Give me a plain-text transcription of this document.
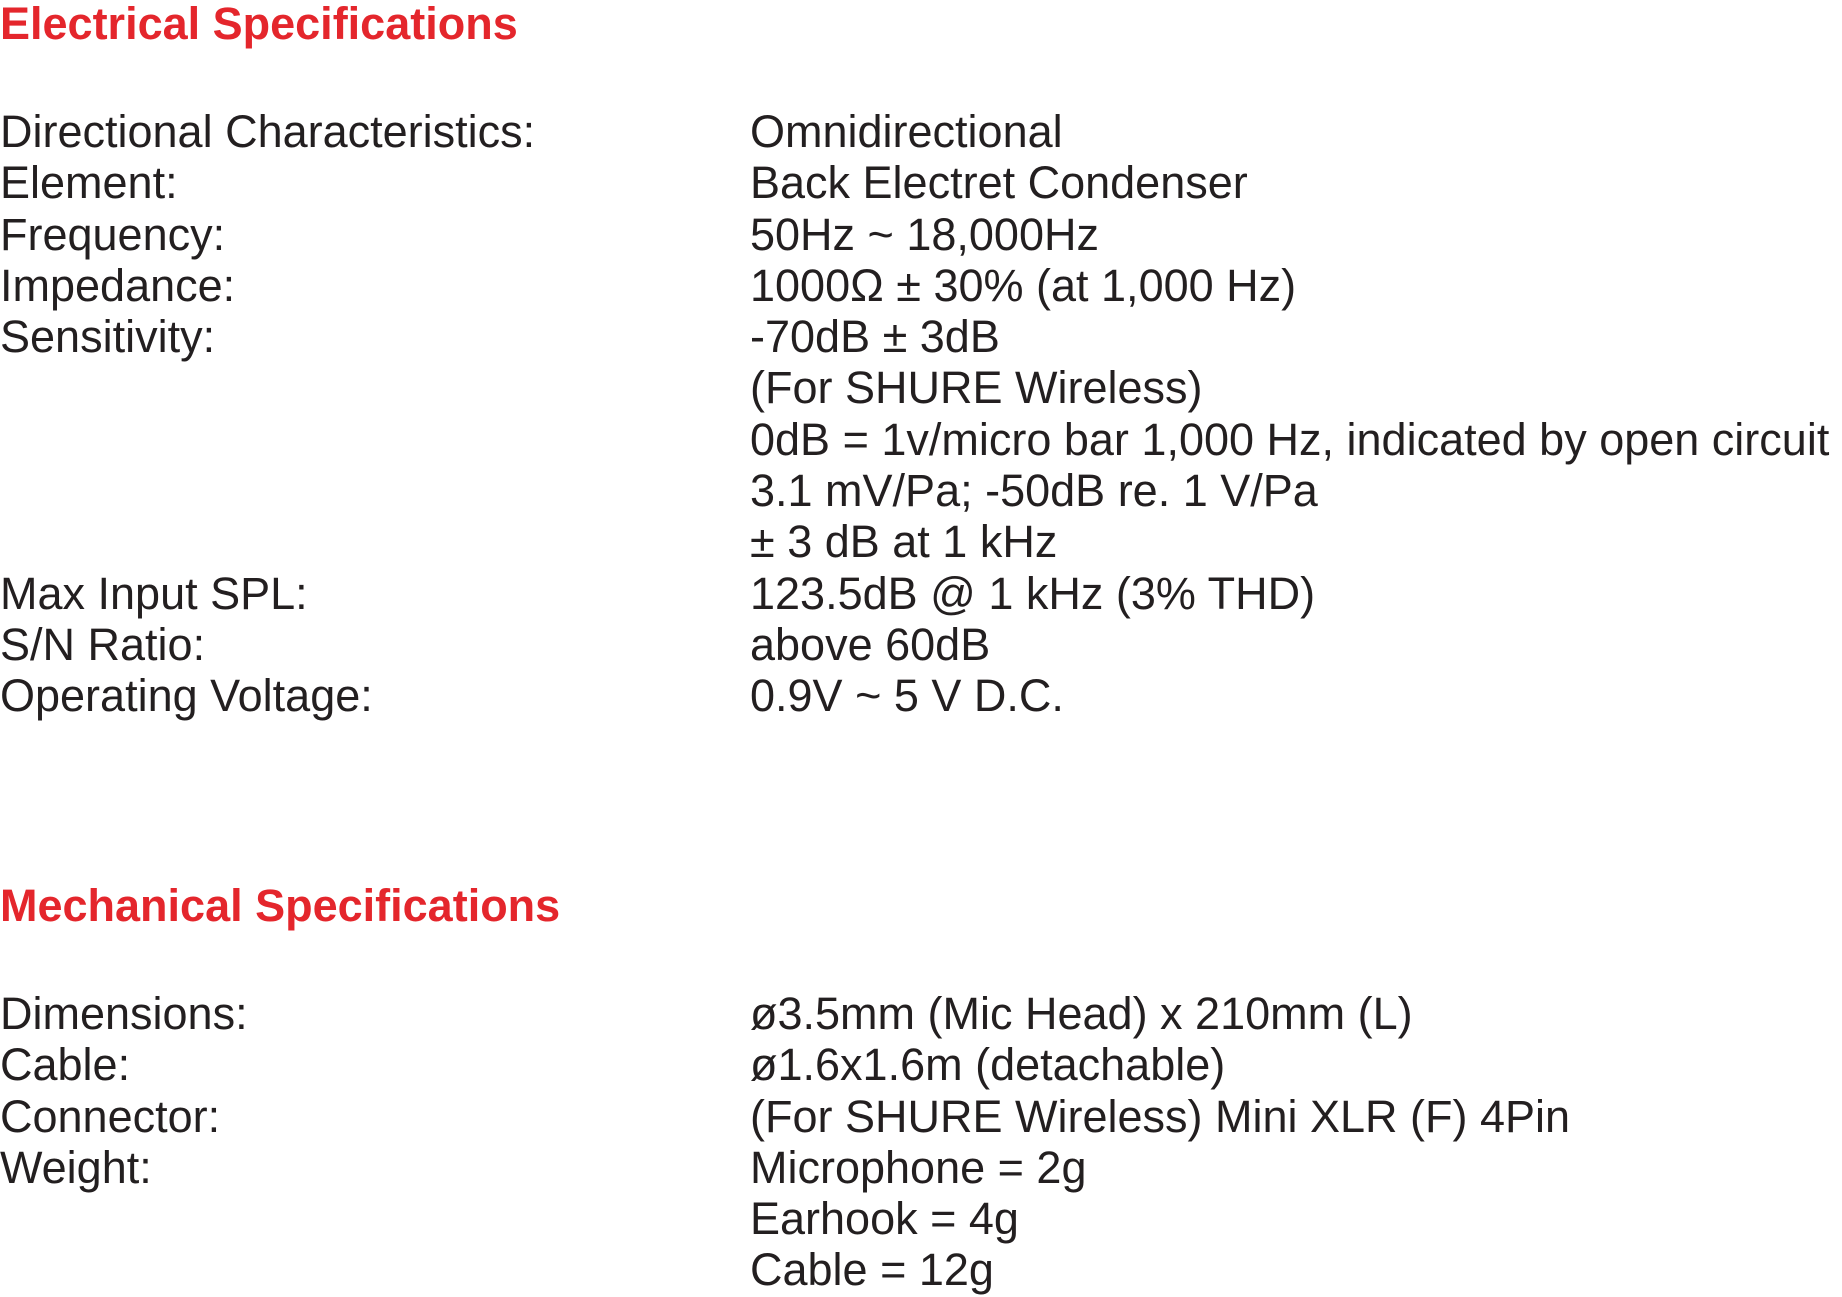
Electrical Specifications
Directional Characteristics:	Omnidirectional
Element:	Back Electret Condenser
Frequency:	50Hz ~ 18,000Hz
Impedance:	1000Ω ± 30% (at 1,000 Hz)
Sensitivity:	-70dB ± 3dB
(For SHURE Wireless)
0dB = 1v/micro bar 1,000 Hz, indicated by open circuit
3.1 mV/Pa; -50dB re. 1 V/Pa
± 3 dB at 1 kHz
Max Input SPL:	123.5dB @ 1 kHz (3% THD)
S/N Ratio:	above 60dB
Operating Voltage:	0.9V ~ 5 V D.C.
Mechanical Specifications
Dimensions:	ø3.5mm (Mic Head) x 210mm (L)
Cable:	ø1.6x1.6m (detachable)
Connector:	(For SHURE Wireless) Mini XLR (F) 4Pin
Weight:	Microphone = 2g
Earhook = 4g
Cable = 12g
